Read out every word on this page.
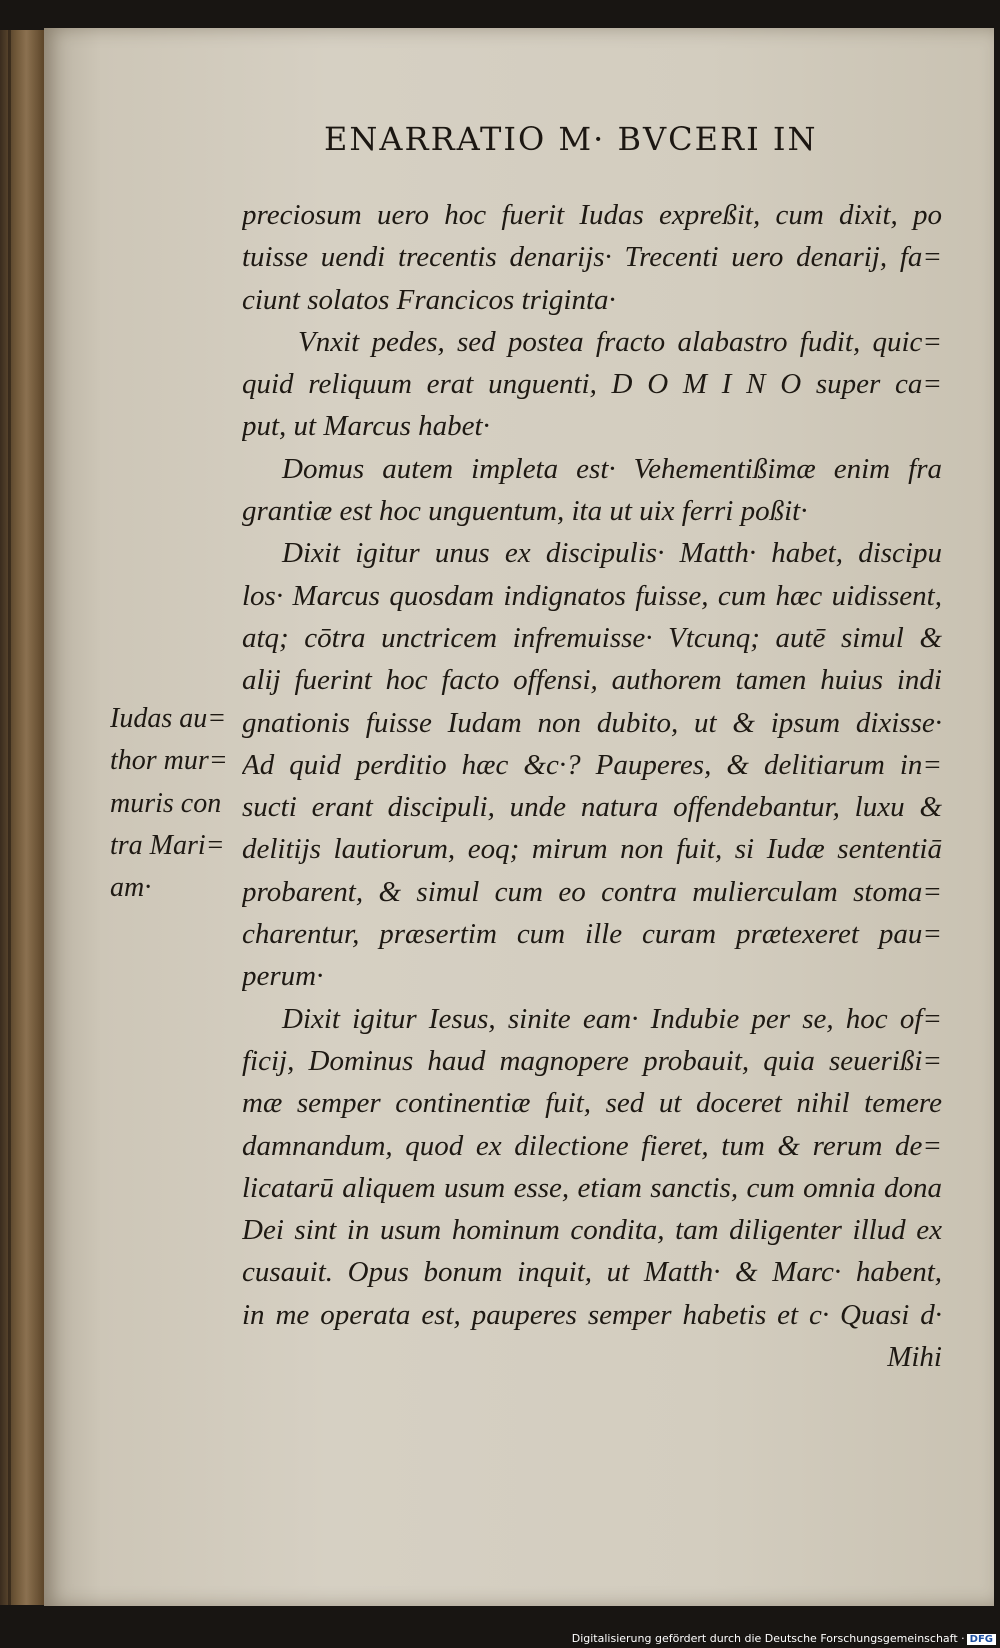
ENARRATIO M· BVCERI IN
Iudas au=
thor mur=
muris con
tra Mari=
am·
preciosum uero hoc fuerit Iudas expreßit, cum dixit, po
tuisse uendi trecentis denarijs· Trecenti uero denarij, fa=
ciunt solatos Francicos triginta·
Vnxit pedes, sed postea fracto alabastro fudit, quic=
quid reliquum erat unguenti, D O M I N O super ca=
put, ut Marcus habet·
Domus autem impleta est· Vehementißimæ enim fra
grantiæ est hoc unguentum, ita ut uix ferri poßit·
Dixit igitur unus ex discipulis· Matth· habet, discipu
los· Marcus quosdam indignatos fuisse, cum hæc uidissent,
atq; cōtra unctricem infremuisse· Vtcunq; autē simul &
alij fuerint hoc facto offensi, authorem tamen huius indi
gnationis fuisse Iudam non dubito, ut & ipsum dixisse·
Ad quid perditio hæc &c·? Pauperes, & delitiarum in=
sucti erant discipuli, unde natura offendebantur, luxu &
delitijs lautiorum, eoq; mirum non fuit, si Iudæ sententiā
probarent, & simul cum eo contra mulierculam stoma=
charentur, præsertim cum ille curam prætexeret pau=
perum·
Dixit igitur Iesus, sinite eam· Indubie per se, hoc of=
ficij, Dominus haud magnopere probauit, quia seuerißi=
mæ semper continentiæ fuit, sed ut doceret nihil temere
damnandum, quod ex dilectione fieret, tum & rerum de=
licatarū aliquem usum esse, etiam sanctis, cum omnia dona
Dei sint in usum hominum condita, tam diligenter illud ex
cusauit. Opus bonum inquit, ut Matth· & Marc· habent,
in me operata est, pauperes semper habetis et c· Quasi d·
Mihi
Digitalisierung gefördert durch die Deutsche Forschungsgemeinschaft · DFG
